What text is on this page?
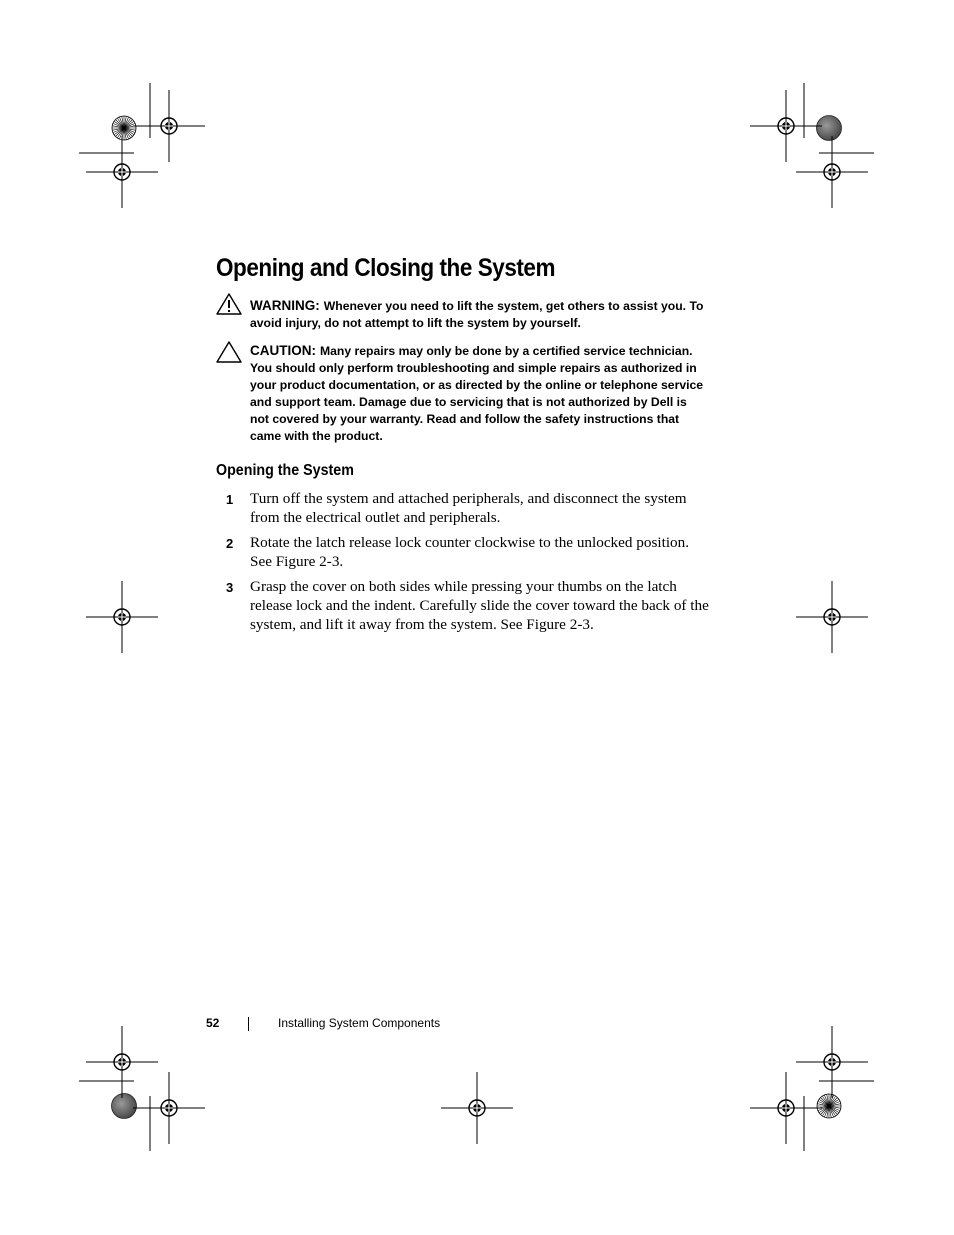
Opening and Closing the System
WARNING: Whenever you need to lift the system, get others to assist you. To avoid injury, do not attempt to lift the system by yourself.
CAUTION: Many repairs may only be done by a certified service technician. You should only perform troubleshooting and simple repairs as authorized in your product documentation, or as directed by the online or telephone service and support team. Damage due to servicing that is not authorized by Dell is not covered by your warranty. Read and follow the safety instructions that came with the product.
Opening the System
1 Turn off the system and attached peripherals, and disconnect the system from the electrical outlet and peripherals.
2 Rotate the latch release lock counter clockwise to the unlocked position. See Figure 2-3.
3 Grasp the cover on both sides while pressing your thumbs on the latch release lock and the indent. Carefully slide the cover toward the back of the system, and lift it away from the system. See Figure 2-3.
52	Installing System Components
